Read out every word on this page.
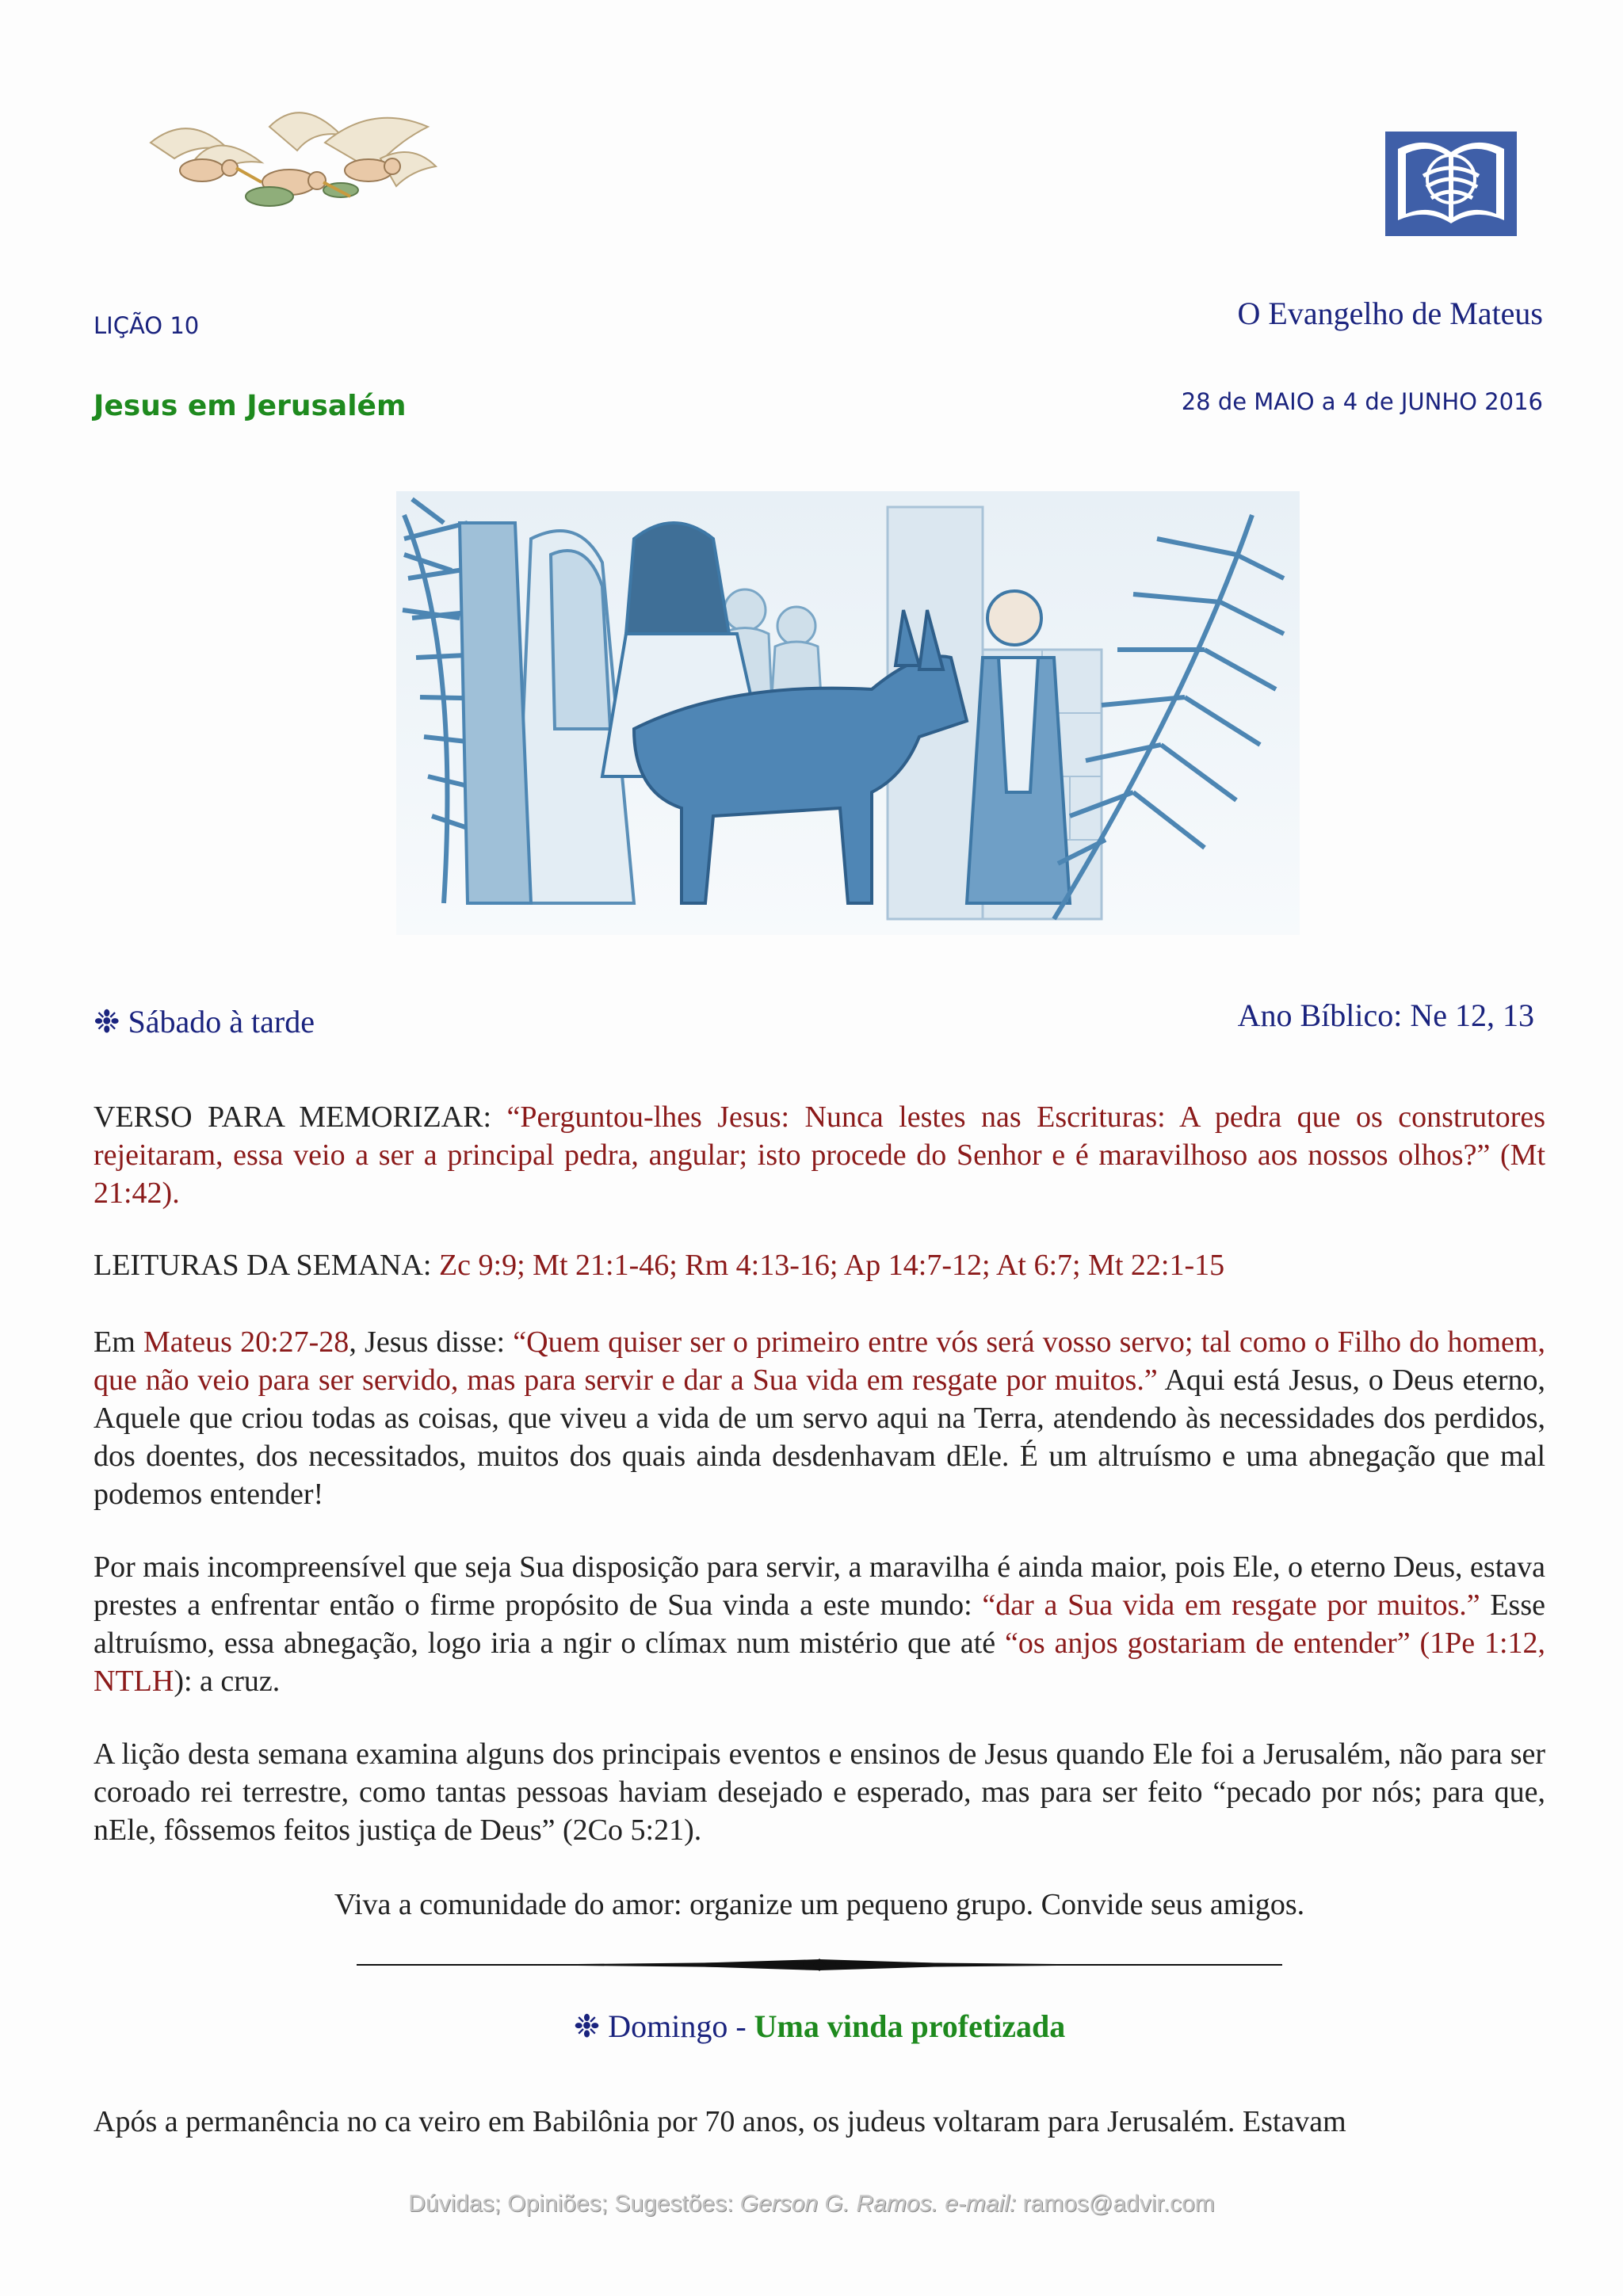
LIÇÃO 10	O Evangelho de Mateus
Jesus em Jerusalém	28 de MAIO a 4 de JUNHO 2016
❉ Sábado à tarde	Ano Bíblico: Ne 12, 13

VERSO PARA MEMORIZAR: “Perguntou-lhes Jesus: Nunca lestes nas Escrituras: A pedra que os construtores rejeitaram, essa veio a ser a principal pedra, angular; isto procede do Senhor e é maravilhoso aos nossos olhos?” (Mt 21:42).

LEITURAS DA SEMANA: Zc 9:9; Mt 21:1-46; Rm 4:13-16; Ap 14:7-12; At 6:7; Mt 22:1-15

Em Mateus 20:27-28, Jesus disse: “Quem quiser ser o primeiro entre vós será vosso servo; tal como o Filho do homem, que não veio para ser servido, mas para servir e dar a Sua vida em resgate por muitos.” Aqui está Jesus, o Deus eterno, Aquele que criou todas as coisas, que viveu a vida de um servo aqui na Terra, atendendo às necessidades dos perdidos, dos doentes, dos necessitados, muitos dos quais ainda desdenhavam dEle. É um altruísmo e uma abnegação que mal podemos entender!

Por mais incompreensível que seja Sua disposição para servir, a maravilha é ainda maior, pois Ele, o eterno Deus, estava prestes a enfrentar então o firme propósito de Sua vinda a este mundo: “dar a Sua vida em resgate por muitos.” Esse altruísmo, essa abnegação, logo iria a ngir o clímax num mistério que até “os anjos gostariam de entender” (1Pe 1:12, NTLH): a cruz.

A lição desta semana examina alguns dos principais eventos e ensinos de Jesus quando Ele foi a Jerusalém, não para ser coroado rei terrestre, como tantas pessoas haviam desejado e esperado, mas para ser feito “pecado por nós; para que, nEle, fôssemos feitos justiça de Deus” (2Co 5:21).

Viva a comunidade do amor: organize um pequeno grupo. Convide seus amigos.
❉ Domingo - Uma vinda profetizada

Após a permanência no ca veiro em Babilônia por 70 anos, os judeus voltaram para Jerusalém. Estavam

Dúvidas; Opiniões; Sugestões: Gerson G. Ramos. e-mail: ramos@advir.com
